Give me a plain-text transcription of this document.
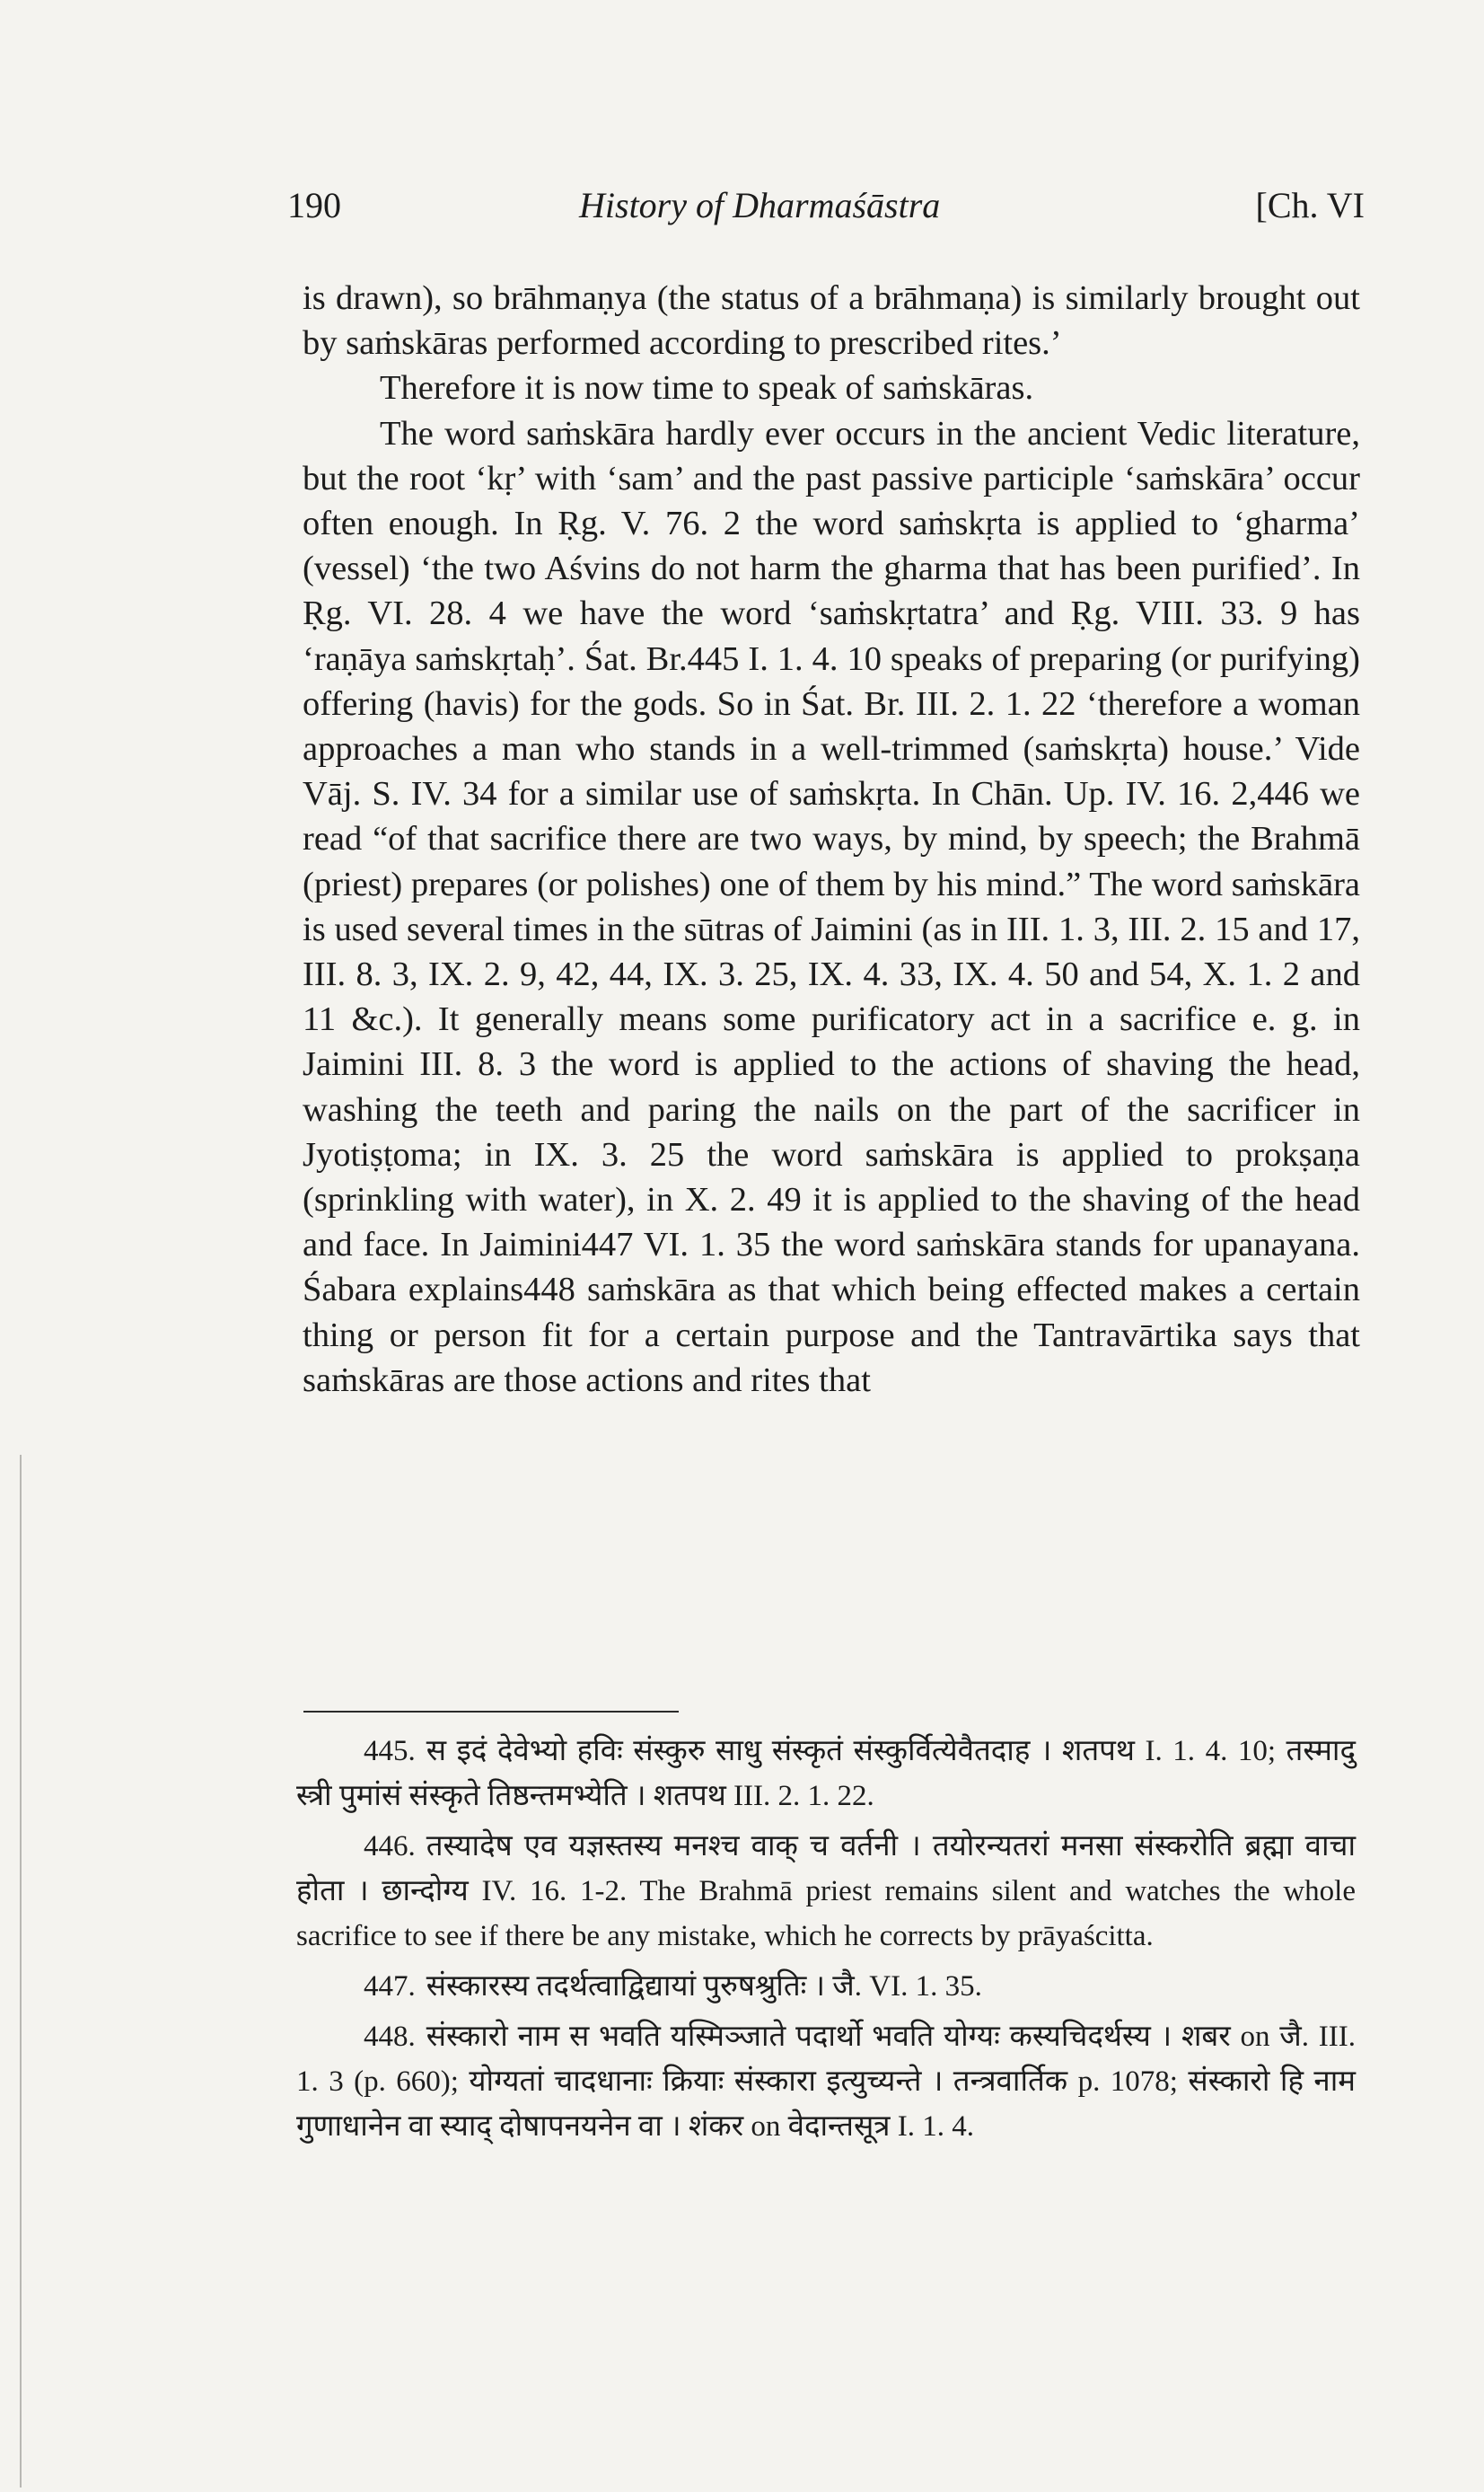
190	History of Dharmaśāstra	[Ch. VI

is drawn), so brāhmaṇya (the status of a brāhmaṇa) is similarly brought out by saṁskāras performed according to prescribed rites.’

Therefore it is now time to speak of saṁskāras.

The word saṁskāra hardly ever occurs in the ancient Vedic literature, but the root ‘kṛ’ with ‘sam’ and the past passive participle ‘saṁskāra’ occur often enough. In Ṛg. V. 76. 2 the word saṁskṛta is applied to ‘gharma’ (vessel) ‘the two Aśvins do not harm the gharma that has been purified’. In Ṛg. VI. 28. 4 we have the word ‘saṁskṛtatra’ and Ṛg. VIII. 33. 9 has ‘raṇāya saṁskṛtaḥ’. Śat. Br.445 I. 1. 4. 10 speaks of preparing (or purifying) offering (havis) for the gods. So in Śat. Br. III. 2. 1. 22 ‘therefore a woman approaches a man who stands in a well-trimmed (saṁskṛta) house.’ Vide Vāj. S. IV. 34 for a similar use of saṁskṛta. In Chān. Up. IV. 16. 2,446 we read “of that sacrifice there are two ways, by mind, by speech; the Brahmā (priest) prepares (or polishes) one of them by his mind.” The word saṁskāra is used several times in the sūtras of Jaimini (as in III. 1. 3, III. 2. 15 and 17, III. 8. 3, IX. 2. 9, 42, 44, IX. 3. 25, IX. 4. 33, IX. 4. 50 and 54, X. 1. 2 and 11 &c.). It generally means some purificatory act in a sacrifice e. g. in Jaimini III. 8. 3 the word is applied to the actions of shaving the head, washing the teeth and paring the nails on the part of the sacrificer in Jyotiṣṭoma; in IX. 3. 25 the word saṁskāra is applied to prokṣaṇa (sprinkling with water), in X. 2. 49 it is applied to the shaving of the head and face. In Jaimini447 VI. 1. 35 the word saṁskāra stands for upanayana. Śabara explains448 saṁskāra as that which being effected makes a certain thing or person fit for a certain purpose and the Tantravārtika says that saṁskāras are those actions and rites that

445. स इदं देवेभ्यो हविः संस्कुरु साधु संस्कृतं संस्कुर्वित्येवैतदाह । शतपथ I. 1. 4. 10; तस्मादु स्त्री पुमांसं संस्कृते तिष्ठन्तमभ्येति । शतपथ III. 2. 1. 22.

446. तस्यादेष एव यज्ञस्तस्य मनश्च वाक् च वर्तनी । तयोरन्यतरां मनसा संस्करोति ब्रह्मा वाचा होता । छान्दोग्य IV. 16. 1-2. The Brahmā priest remains silent and watches the whole sacrifice to see if there be any mistake, which he corrects by prāyaścitta.

447. संस्कारस्य तदर्थत्वाद्विद्यायां पुरुषश्रुतिः । जै. VI. 1. 35.

448. संस्कारो नाम स भवति यस्मिञ्जाते पदार्थो भवति योग्यः कस्यचिदर्थस्य । शबर on जै. III. 1. 3 (p. 660); योग्यतां चादधानाः क्रियाः संस्कारा इत्युच्यन्ते । तन्त्रवार्तिक p. 1078; संस्कारो हि नाम गुणाधानेन वा स्याद् दोषापनयनेन वा । शंकर on वेदान्तसूत्र I. 1. 4.
